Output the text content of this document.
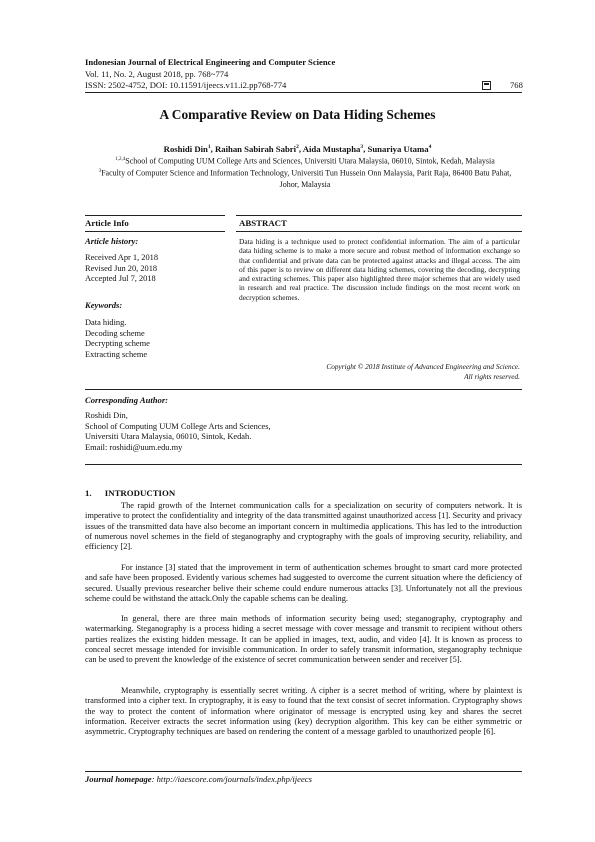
Indonesian Journal of Electrical Engineering and Computer Science
Vol. 11, No. 2, August 2018, pp. 768~774
ISSN: 2502-4752, DOI: 10.11591/ijeecs.v11.i2.pp768-774	768
A Comparative Review on Data Hiding Schemes
Roshidi Din$^1$, Raihan Sabirah Sabri$^2$, Aida Mustapha$^3$, Sunariya Utama$^4$
$^{1,2,4}$School of Computing UUM College Arts and Sciences, Universiti Utara Malaysia, 06010, Sintok, Kedah, Malaysia
$^3$Faculty of Computer Science and Information Technology, Universiti Tun Hussein Onn Malaysia, Parit Raja, 86400 Batu Pahat, Johor, Malaysia
Article Info	ABSTRACT
Article history:
Received Apr 1, 2018
Revised Jun 20, 2018
Accepted Jul 7, 2018
Keywords:
Data hiding.
Decoding scheme
Decrypting scheme
Extracting scheme
Data hiding is a technique used to protect confidential information. The aim of a particular data hiding scheme is to make a more secure and robust method of information exchange so that confidential and private data can be protected against attacks and illegal access. The aim of this paper is to review on different data hiding schemes, covering the decoding, decrypting and extracting schemes. This paper also highlighted three major schemes that are widely used in research and real practice. The discussion include findings on the most recent work on decryption schemes.
Copyright © 2018 Institute of Advanced Engineering and Science.
All rights reserved.
Corresponding Author:
Roshidi Din,
School of Computing UUM College Arts and Sciences,
Universiti Utara Malaysia, 06010, Sintok, Kedah.
Email: roshidi@uum.edu.my
1.      INTRODUCTION
The rapid growth of the Internet communication calls for a specialization on security of computers network. It is imperative to protect the confidentiality and integrity of the data transmitted against unauthorized access [1]. Security and privacy issues of the transmitted data have also become an important concern in multimedia applications. This has led to the introduction of numerous novel schemes in the field of steganography and cryptography with the goals of improving security, reliability, and efficiency [2].
For instance [3] stated that the improvement in term of authentication schemes brought to smart card more protected and safe have been proposed. Evidently various schemes had suggested to overcome the current situation where the deficiency of secured. Usually previous researcher belive their scheme could endure numerous attacks [3]. Unfortunately not all the previous scheme could be withstand the attack.Only the capable schems can be dealing.
In general, there are three main methods of information security being used; steganography, cryptography and watermarking. Steganography is a process hiding a secret message with cover message and transmit to recipient without others parties realizes the existing hidden message. It can be applied in images, text, audio, and video [4]. It is known as process to conceal secret message intended for invisible communication. In order to safely transmit information, steganography technique can be used to prevent the knowledge of the existence of secret communication between sender and receiver [5].
Meanwhile, cryptography is essentially secret writing. A cipher is a secret method of writing, where by plaintext is transformed into a cipher text. In cryptography, it is easy to found that the text consist of secret information. Cryptography shows the way to protect the content of information where originator of message is encrypted using key and shares the secret information. Receiver extracts the secret information using (key) decryption algorithm. This key can be either symmetric or asymmetric. Cryptography techniques are based on rendering the content of a message garbled to unauthorized people [6].
Journal homepage: http://iaescore.com/journals/index.php/ijeecs
